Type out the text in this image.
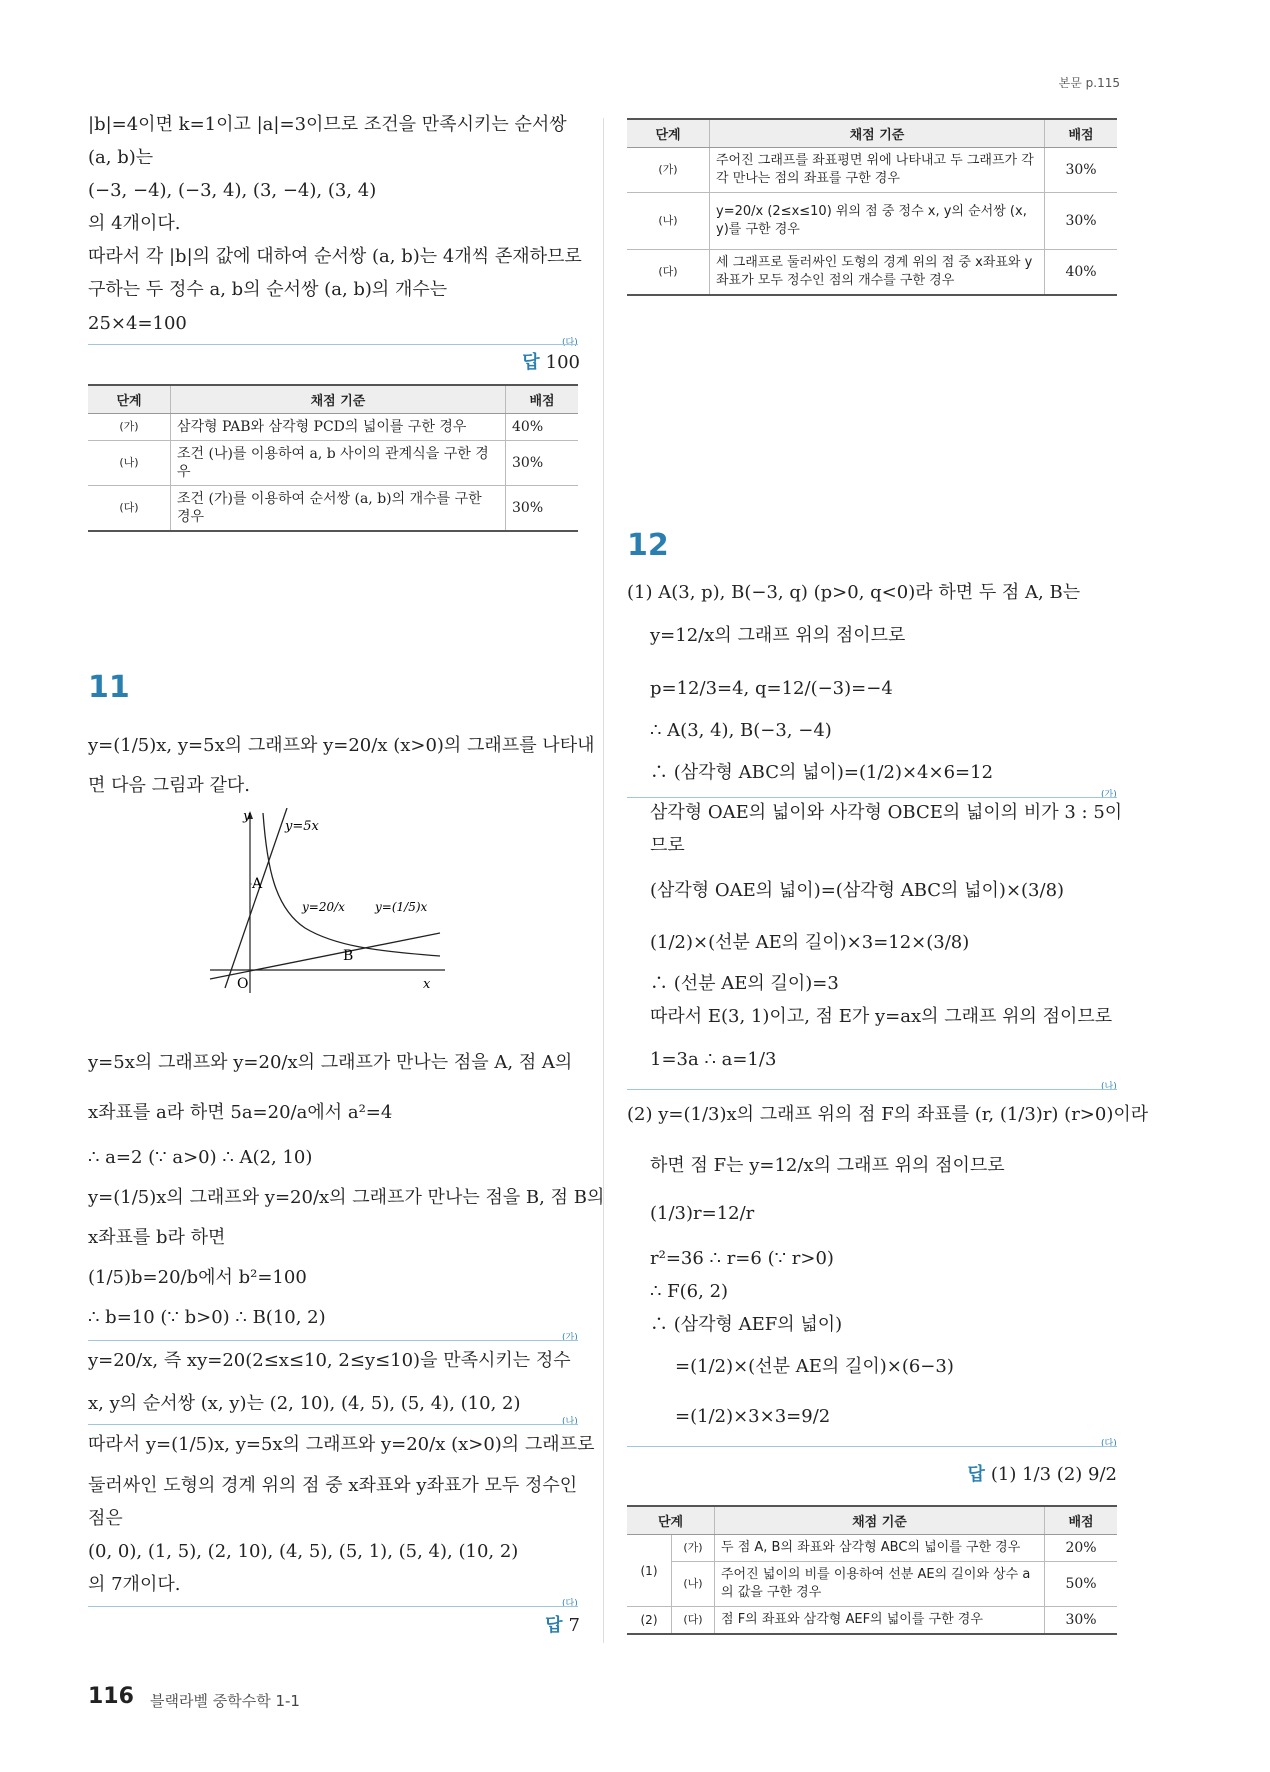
본문 p.115
|b|=4이면 k=1이고 |a|=3이므로 조건을 만족시키는 순서쌍
(a, b)는
(−3, −4), (−3, 4), (3, −4), (3, 4)
의 4개이다.
따라서 각 |b|의 값에 대하여 순서쌍 (a, b)는 4개씩 존재하므로
구하는 두 정수 a, b의 순서쌍 (a, b)의 개수는
25×4=100
(다)
답 100
단계	채점 기준	배점
(가)	삼각형 PAB와 삼각형 PCD의 넓이를 구한 경우	40%
(나)	조건 (나)를 이용하여 a, b 사이의 관계식을 구한 경우	30%
(다)	조건 (가)를 이용하여 순서쌍 (a, b)의 개수를 구한 경우	30%
11
y=(1/5)x, y=5x의 그래프와 y=20/x (x>0)의 그래프를 나타내
면 다음 그림과 같다.
y
x
O
A
B
y=5x
y=20/x	y=(1/5)x
y=5x의 그래프와 y=20/x의 그래프가 만나는 점을 A, 점 A의
x좌표를 a라 하면 5a=20/a에서 a²=4
∴ a=2 (∵ a>0) ∴ A(2, 10)
y=(1/5)x의 그래프와 y=20/x의 그래프가 만나는 점을 B, 점 B의
x좌표를 b라 하면
(1/5)b=20/b에서 b²=100
∴ b=10 (∵ b>0) ∴ B(10, 2)
(가)
y=20/x, 즉 xy=20(2≤x≤10, 2≤y≤10)을 만족시키는 정수
x, y의 순서쌍 (x, y)는 (2, 10), (4, 5), (5, 4), (10, 2)
(나)
따라서 y=(1/5)x, y=5x의 그래프와 y=20/x (x>0)의 그래프로
둘러싸인 도형의 경계 위의 점 중 x좌표와 y좌표가 모두 정수인
점은
(0, 0), (1, 5), (2, 10), (4, 5), (5, 1), (5, 4), (10, 2)
의 7개이다.
(다)
답 7
단계	채점 기준	배점
(가)	주어진 그래프를 좌표평면 위에 나타내고 두 그래프가 각각 만나는 점의 좌표를 구한 경우	30%
(나)	y=20/x (2≤x≤10) 위의 점 중 정수 x, y의 순서쌍 (x, y)를 구한 경우	30%
(다)	세 그래프로 둘러싸인 도형의 경계 위의 점 중 x좌표와 y좌표가 모두 정수인 점의 개수를 구한 경우	40%
12
(1) A(3, p), B(−3, q) (p>0, q<0)라 하면 두 점 A, B는
y=12/x의 그래프 위의 점이므로
p=12/3=4, q=12/(−3)=−4
∴ A(3, 4), B(−3, −4)
∴ (삼각형 ABC의 넓이)=(1/2)×4×6=12
(가)
삼각형 OAE의 넓이와 사각형 OBCE의 넓이의 비가 3 : 5이
므로
(삼각형 OAE의 넓이)=(삼각형 ABC의 넓이)×(3/8)
(1/2)×(선분 AE의 길이)×3=12×(3/8)
∴ (선분 AE의 길이)=3
따라서 E(3, 1)이고, 점 E가 y=ax의 그래프 위의 점이므로
1=3a ∴ a=1/3
(나)
(2) y=(1/3)x의 그래프 위의 점 F의 좌표를 (r, (1/3)r) (r>0)이라
하면 점 F는 y=12/x의 그래프 위의 점이므로
(1/3)r=12/r
r²=36 ∴ r=6 (∵ r>0)
∴ F(6, 2)
∴ (삼각형 AEF의 넓이)
=(1/2)×(선분 AE의 길이)×(6−3)
=(1/2)×3×3=9/2
(다)
답 (1) 1/3 (2) 9/2
단계		채점 기준	배점
(1)	(가)	두 점 A, B의 좌표와 삼각형 ABC의 넓이를 구한 경우	20%
	(나)	주어진 넓이의 비를 이용하여 선분 AE의 길이와 상수 a의 값을 구한 경우	50%
(2)	(다)	점 F의 좌표와 삼각형 AEF의 넓이를 구한 경우	30%
116 블랙라벨 중학수학 1-1
